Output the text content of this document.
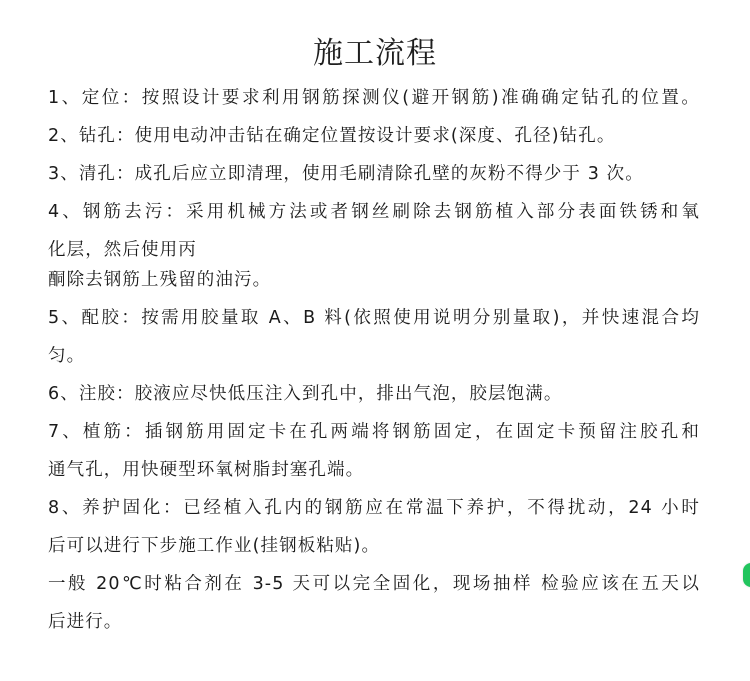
施工流程
1、定位：按照设计要求利用钢筋探测仪(避开钢筋)准确确定钻孔的位置。
2、钻孔：使用电动冲击钻在确定位置按设计要求(深度、孔径)钻孔。
3、清孔：成孔后应立即清理，使用毛刷清除孔壁的灰粉不得少于 3 次。
4、钢筋去污：采用机械方法或者钢丝刷除去钢筋植入部分表面铁锈和氧
化层，然后使用丙
酮除去钢筋上残留的油污。
5、配胶：按需用胶量取 A、B 料(依照使用说明分别量取)，并快速混合均
匀。
6、注胶：胶液应尽快低压注入到孔中，排出气泡，胶层饱满。
7、植筋：插钢筋用固定卡在孔两端将钢筋固定，在固定卡预留注胶孔和
通气孔，用快硬型环氧树脂封塞孔端。
8、养护固化：已经植入孔内的钢筋应在常温下养护，不得扰动，24 小时
后可以进行下步施工作业(挂钢板粘贴)。
一般 20℃时粘合剂在 3-5 天可以完全固化，现场抽样 检验应该在五天以
后进行。
